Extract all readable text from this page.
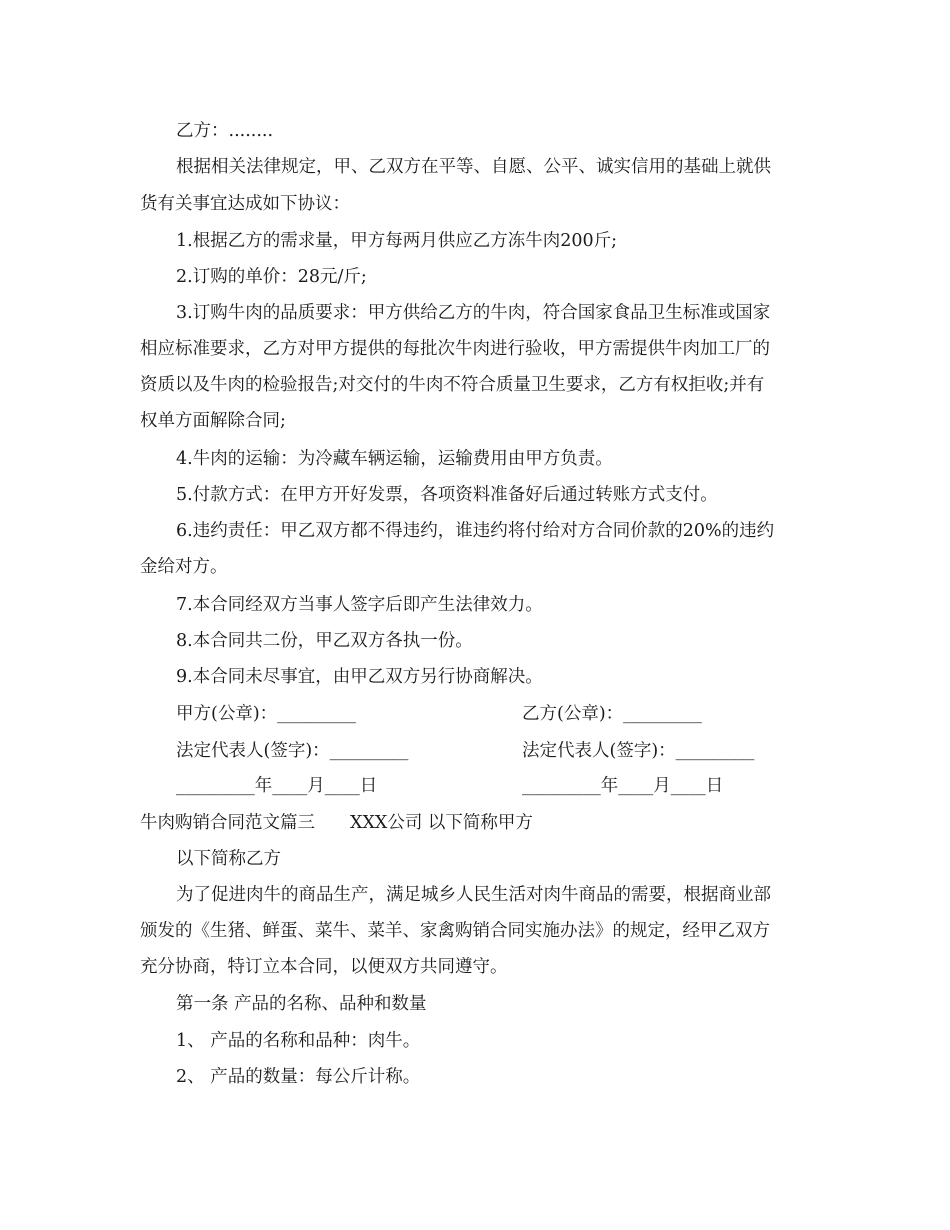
乙方：........
根据相关法律规定，甲、乙双方在平等、自愿、公平、诚实信用的基础上就供
货有关事宜达成如下协议：
1.根据乙方的需求量，甲方每两月供应乙方冻牛肉200斤;
2.订购的单价：28元/斤;
3.订购牛肉的品质要求：甲方供给乙方的牛肉，符合国家食品卫生标准或国家
相应标准要求，乙方对甲方提供的每批次牛肉进行验收，甲方需提供牛肉加工厂的
资质以及牛肉的检验报告;对交付的牛肉不符合质量卫生要求，乙方有权拒收;并有
权单方面解除合同;
4.牛肉的运输：为冷藏车辆运输，运输费用由甲方负责。
5.付款方式：在甲方开好发票，各项资料准备好后通过转账方式支付。
6.违约责任：甲乙双方都不得违约，谁违约将付给对方合同价款的20%的违约
金给对方。
7.本合同经双方当事人签字后即产生法律效力。
8.本合同共二份，甲乙双方各执一份。
9.本合同未尽事宜，由甲乙双方另行协商解决。
甲方(公章)：_________	乙方(公章)：_________
法定代表人(签字)：_________	法定代表人(签字)：_________
_________年____月____日	_________年____月____日
牛肉购销合同范文篇三　　XXX公司 以下简称甲方
以下简称乙方
为了促进肉牛的商品生产，满足城乡人民生活对肉牛商品的需要，根据商业部
颁发的《生猪、鲜蛋、菜牛、菜羊、家禽购销合同实施办法》的规定，经甲乙双方
充分协商，特订立本合同，以便双方共同遵守。
第一条 产品的名称、品种和数量
1、 产品的名称和品种：肉牛。
2、 产品的数量：每公斤计称。
